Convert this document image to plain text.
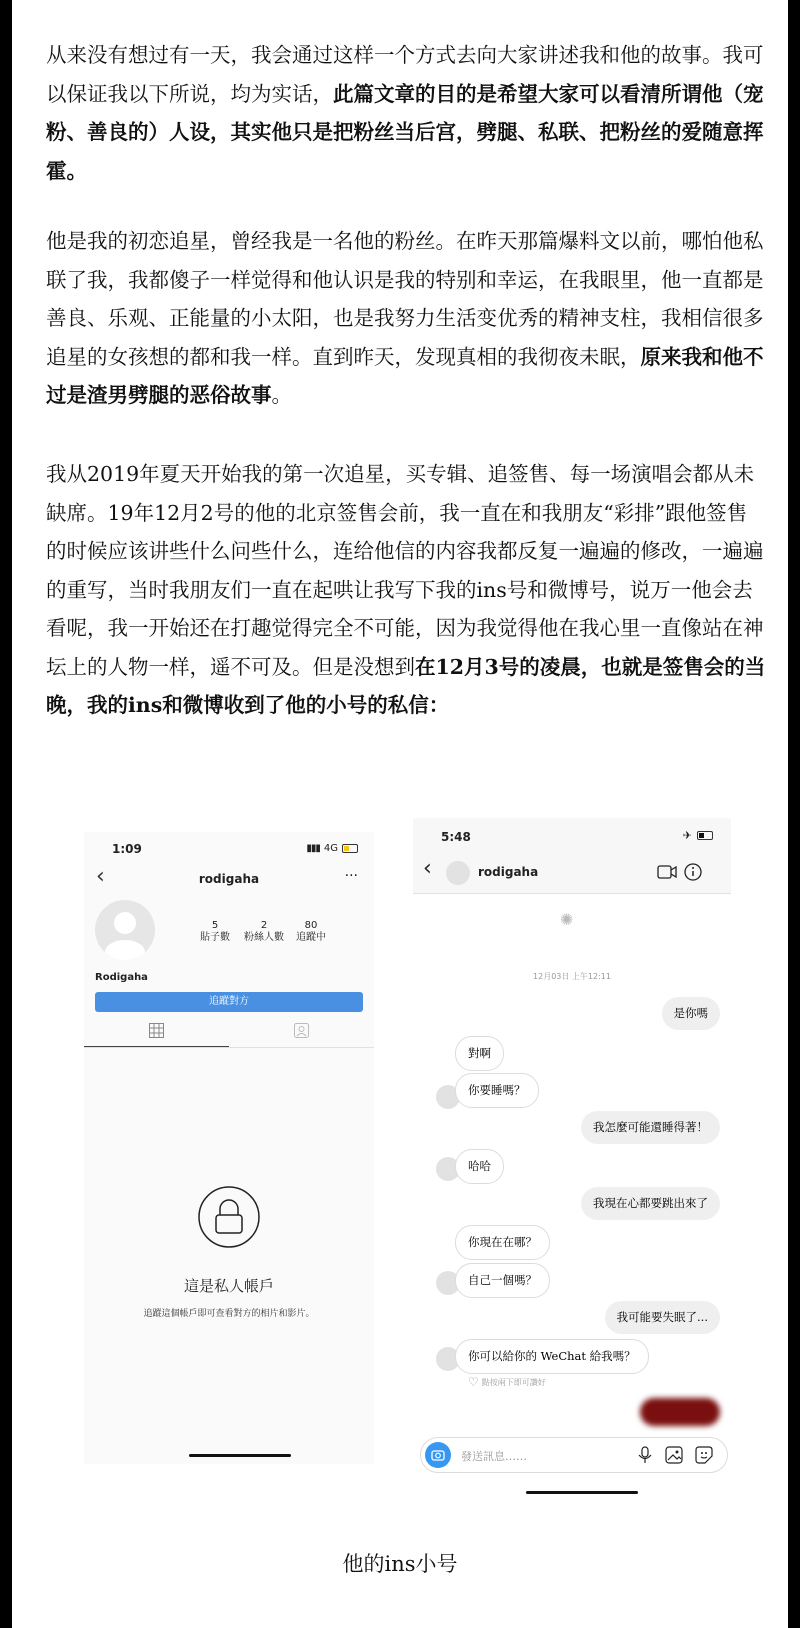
从来没有想过有一天，我会通过这样一个方式去向大家讲述我和他的故事。我可以保证我以下所说，均为实话，此篇文章的目的是希望大家可以看清所谓他（宠粉、善良的）人设，其实他只是把粉丝当后宫，劈腿、私联、把粉丝的爱随意挥霍。

他是我的初恋追星，曾经我是一名他的粉丝。在昨天那篇爆料文以前，哪怕他私联了我，我都傻子一样觉得和他认识是我的特别和幸运，在我眼里，他一直都是善良、乐观、正能量的小太阳，也是我努力生活变优秀的精神支柱，我相信很多追星的女孩想的都和我一样。直到昨天，发现真相的我彻夜未眠，原来我和他不过是渣男劈腿的恶俗故事。

我从2019年夏天开始我的第一次追星，买专辑、追签售、每一场演唱会都从未缺席。19年12月2号的他的北京签售会前，我一直在和我朋友“彩排”跟他签售的时候应该讲些什么问些什么，连给他信的内容我都反复一遍遍的修改，一遍遍的重写，当时我朋友们一直在起哄让我写下我的ins号和微博号，说万一他会去看呢，我一开始还在打趣觉得完全不可能，因为我觉得他在我心里一直像站在神坛上的人物一样，遥不可及。但是没想到在12月3号的凌晨，也就是签售会的当晚，我的ins和微博收到了他的小号的私信：

1:09	▮▮▮ 4G
‹	rodigaha	···
5
貼子數
2
粉絲人數
80
追蹤中
Rodigaha
追蹤對方
這是私人帳戶
追蹤這個帳戶即可查看對方的相片和影片。
5:48	✈
‹	rodigaha
✺
12月03日 上午12:11
是你嗎
對啊
你要睡嗎？
我怎麼可能還睡得著！
哈哈
我現在心都要跳出來了
你現在在哪？
自己一個嗎？
我可能要失眠了...
你可以給你的 WeChat 給我嗎？
♡ 點按兩下即可讚好
發送訊息……
他的ins小号
